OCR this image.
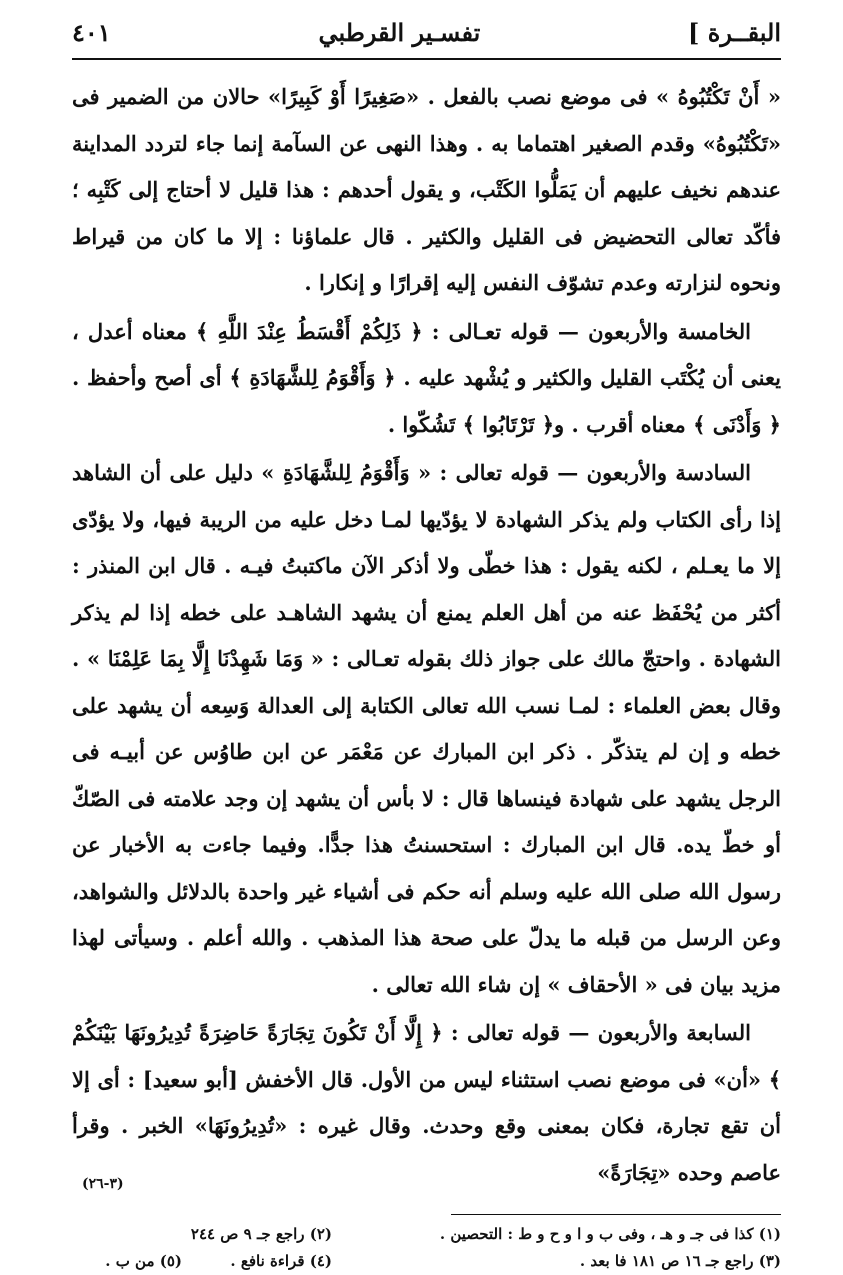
البقــرة ]
تفسـير القرطبي
٤٠١

« أَنْ تَكْتُبُوهُ » فى موضع نصب بالفعل . «صَغِيرًا أَوْ كَبِيرًا» حالان من الضمير فى «تَكْتُبُوهُ» وقدم الصغير اهتماما به . وهذا النهى عن السآمة إنما جاء لتردد المداينة عندهم نخيف عليهم أن يَمَلُّوا الكَتْب، و يقول أحدهم : هذا قليل لا أحتاج إلى كَتْبِه ؛ فأكّد تعالى التحضيض فى القليل والكثير . قال علماؤنا : إلا ما كان من قيراط ونحوه لنزارته وعدم تشوّف النفس إليه إقرارًا و إنكارا .

الخامسة والأربعون — قوله تعـالى : ﴿ ذَلِكُمْ أَقْسَطُ عِنْدَ اللَّهِ ﴾ معناه أعدل ، يعنى أن يُكْتَب القليل والكثير و يُشْهد عليه . ﴿ وَأَقْوَمُ لِلشَّهَادَةِ ﴾ أى أصح وأحفظ . ﴿ وَأَدْنَى ﴾ معناه أقرب . و﴿ تَرْتَابُوا ﴾ تَشُكّوا .

السادسة والأربعون — قوله تعالى : « وَأَقْوَمُ لِلشَّهَادَةِ » دليل على أن الشاهد إذا رأى الكتاب ولم يذكر الشهادة لا يؤدّيها لمـا دخل عليه من الريبة فيها، ولا يؤدّى إلا ما يعـلم ، لكنه يقول : هذا خطّى ولا أذكر الآن ماكتبتُ فيـه . قال ابن المنذر : أكثر من يُحْفَظ عنه من أهل العلم يمنع أن يشهد الشاهـد على خطه إذا لم يذكر الشهادة . واحتجّ مالك على جواز ذلك بقوله تعـالى : « وَمَا شَهِدْنَا إِلَّا بِمَا عَلِمْنَا » . وقال بعض العلماء : لمـا نسب الله تعالى الكتابة إلى العدالة وَسِعه أن يشهد على خطه و إن لم يتذكّر . ذكر ابن المبارك عن مَعْمَر عن ابن طاوُس عن أبيـه فى الرجل يشهد على شهادة فينساها قال : لا بأس أن يشهد إن وجد علامته فى الصّكّ أو خطّ يده. قال ابن المبارك : استحسنتُ هذا جدًّا. وفيما جاءت به الأخبار عن رسول الله صلى الله عليه وسلم أنه حكم فى أشياء غير واحدة بالدلائل والشواهد، وعن الرسل من قبله ما يدلّ على صحة هذا المذهب . والله أعلم . وسيأتى لهذا مزيد بيان فى « الأحقاف » إن شاء الله تعالى .

السابعة والأربعون — قوله تعالى : ﴿ إِلَّا أَنْ تَكُونَ تِجَارَةً حَاضِرَةً تُدِيرُونَهَا بَيْنَكُمْ ﴾ «أن» فى موضع نصب استثناء ليس من الأول. قال الأخفش [أبو سعيد] : أى إلا أن تقع تجارة، فكان بمعنى وقع وحدث. وقال غيره : «تُدِيرُونَهَا» الخبر . وقرأ عاصم وحده «تِجَارَةً»

(١) كذا فى جـ و هـ ، وفى ب و ا و ح و ط : التحصين .
(٢) راجع جـ ٩ ص ٢٤٤
(٣) راجع جـ ١٦ ص ١٨١ فا بعد .
(٤) قراءة نافع .
(٥) من ب .
(٣-٢٦)
